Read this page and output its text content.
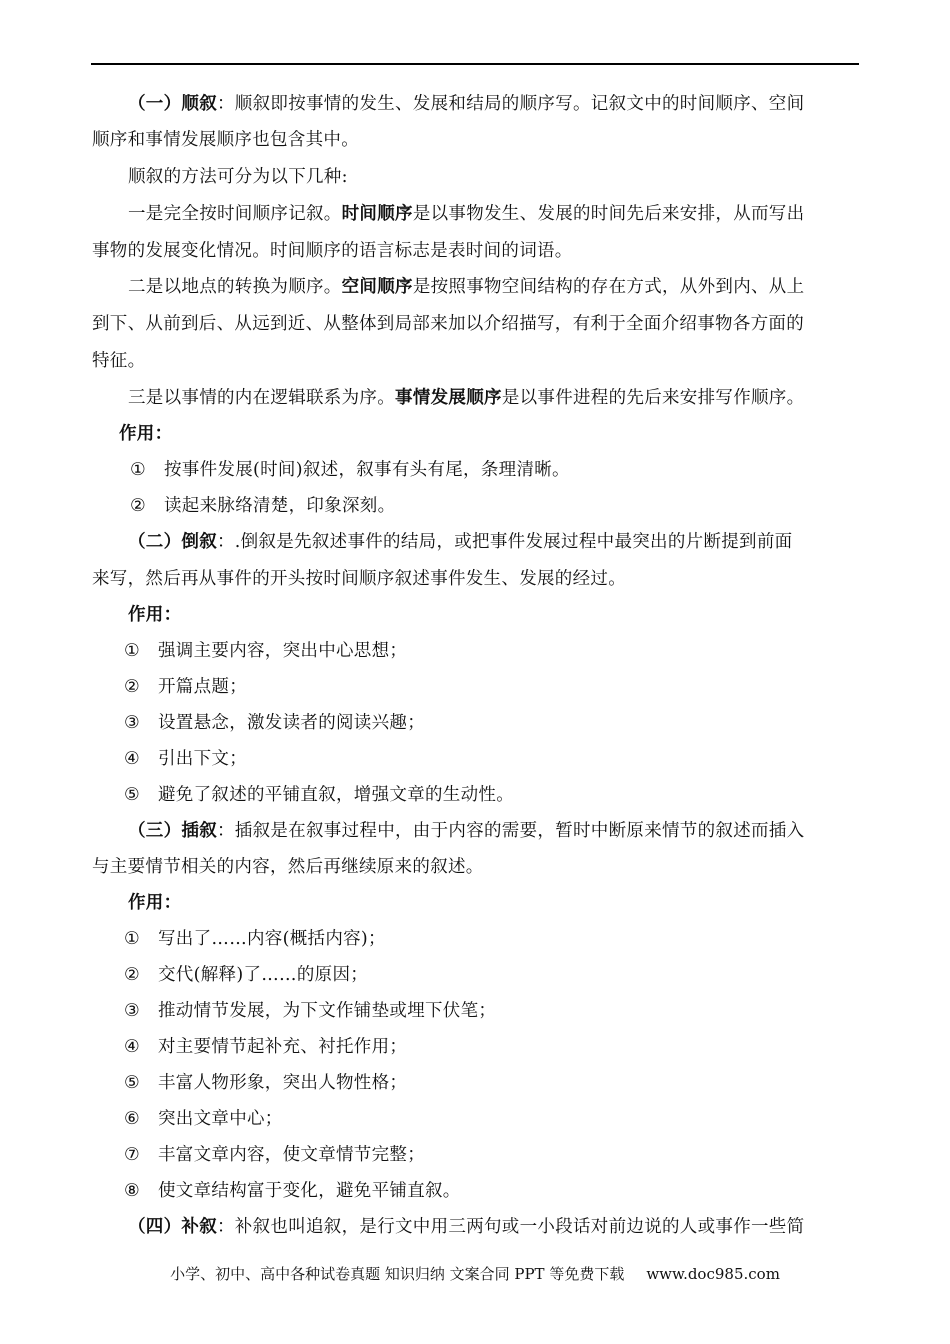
（一）顺叙：顺叙即按事情的发生、发展和结局的顺序写。记叙文中的时间顺序、空间
顺序和事情发展顺序也包含其中。
顺叙的方法可分为以下几种:
一是完全按时间顺序记叙。时间顺序是以事物发生、发展的时间先后来安排，从而写出
事物的发展变化情况。时间顺序的语言标志是表时间的词语。
二是以地点的转换为顺序。空间顺序是按照事物空间结构的存在方式，从外到内、从上
到下、从前到后、从远到近、从整体到局部来加以介绍描写，有利于全面介绍事物各方面的
特征。
三是以事情的内在逻辑联系为序。事情发展顺序是以事件进程的先后来安排写作顺序。
作用：
① 按事件发展(时间)叙述，叙事有头有尾，条理清晰。
② 读起来脉络清楚，印象深刻。
（二）倒叙：.倒叙是先叙述事件的结局，或把事件发展过程中最突出的片断提到前面
来写，然后再从事件的开头按时间顺序叙述事件发生、发展的经过。
作用：
① 强调主要内容，突出中心思想；
② 开篇点题；
③ 设置悬念，激发读者的阅读兴趣；
④ 引出下文；
⑤ 避免了叙述的平铺直叙，增强文章的生动性。
（三）插叙：插叙是在叙事过程中，由于内容的需要，暂时中断原来情节的叙述而插入
与主要情节相关的内容，然后再继续原来的叙述。
作用：
① 写出了……内容(概括内容)；
② 交代(解释)了……的原因；
③ 推动情节发展，为下文作铺垫或埋下伏笔；
④ 对主要情节起补充、衬托作用；
⑤ 丰富人物形象，突出人物性格；
⑥ 突出文章中心；
⑦ 丰富文章内容，使文章情节完整；
⑧ 使文章结构富于变化，避免平铺直叙。
（四）补叙：补叙也叫追叙，是行文中用三两句或一小段话对前边说的人或事作一些简
小学、初中、高中各种试卷真题 知识归纳 文案合同 PPT 等免费下载 www.doc985.com
